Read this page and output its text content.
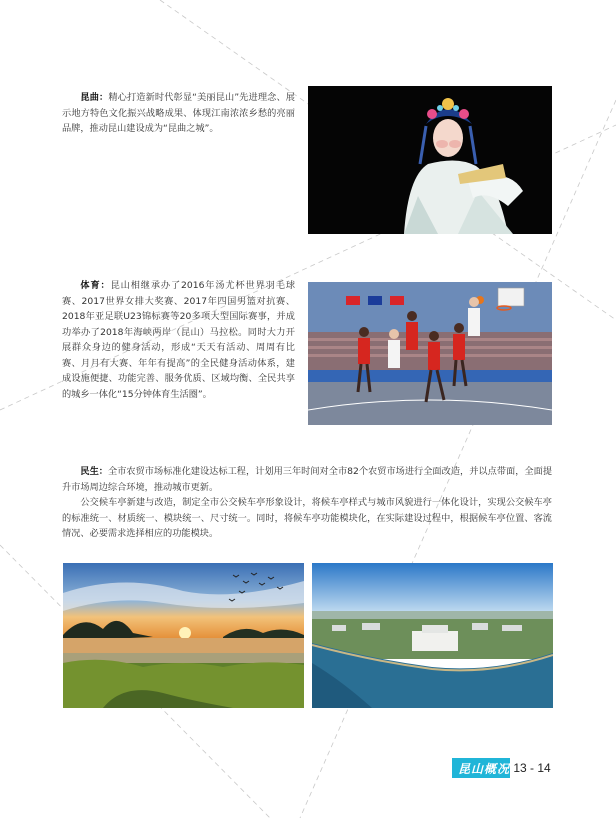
昆曲：精心打造新时代彰显“美丽昆山”先进理念、展示地方特色文化振兴战略成果、体现江南浓浓乡愁的亮丽品牌，推动昆山建设成为“昆曲之城”。

体育：昆山相继承办了2016年汤尤杯世界羽毛球赛、2017世界女排大奖赛、2017年四国男篮对抗赛、2018年亚足联U23锦标赛等20多项大型国际赛事，并成功举办了2018年海峡两岸（昆山）马拉松。同时大力开展群众身边的健身活动，形成“天天有活动、周周有比赛、月月有大赛、年年有提高”的全民健身活动体系，建成设施便捷、功能完善、服务优质、区域均衡、全民共享的城乡一体化“15分钟体育生活圈”。

民生：全市农贸市场标准化建设达标工程，计划用三年时间对全市82个农贸市场进行全面改造，并以点带面，全面提升市场周边综合环境，推动城市更新。

公交候车亭新建与改造，制定全市公交候车亭形象设计，将候车亭样式与城市风貌进行一体化设计，实现公交候车亭的标准统一、材质统一、模块统一、尺寸统一。同时，将候车亭功能模块化，在实际建设过程中，根据候车亭位置、客流情况、必要需求选择相应的功能模块。

昆山概况 13 - 14
